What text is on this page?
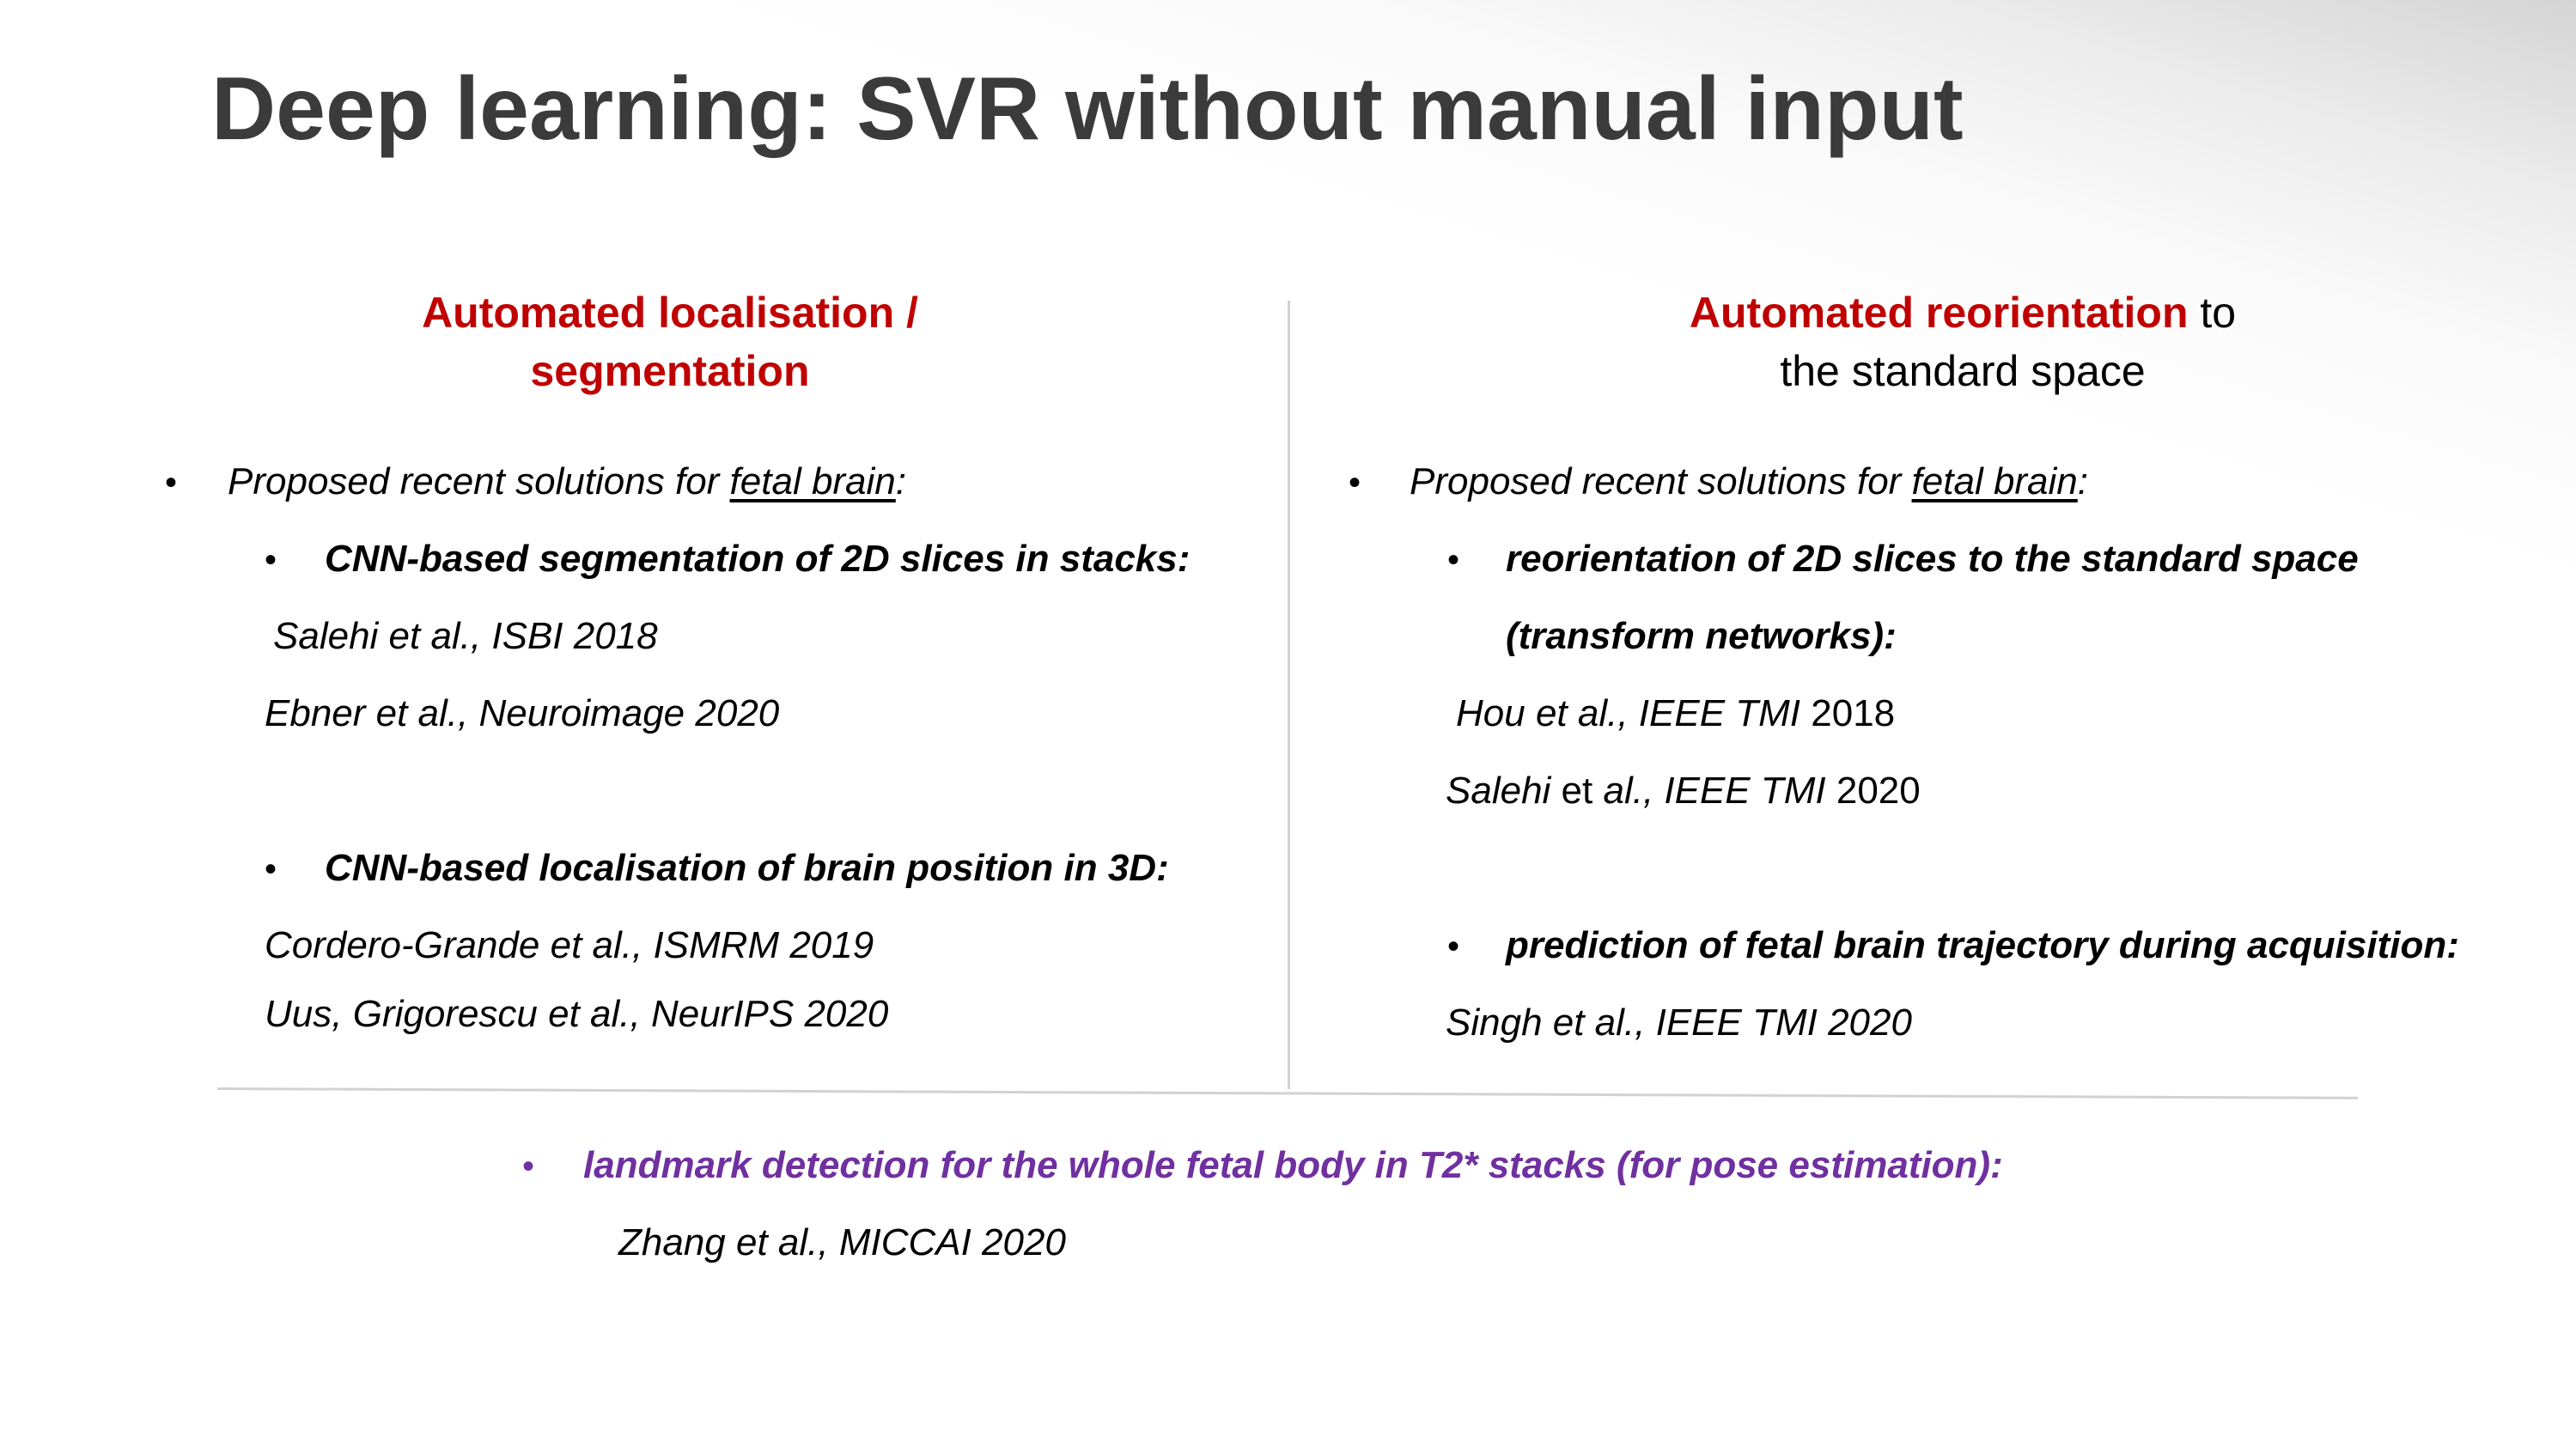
Deep learning: SVR without manual input
Automated localisation /
segmentation
Automated reorientation to
the standard space
• Proposed recent solutions for fetal brain:
• CNN-based segmentation of 2D slices in stacks:
Salehi et al., ISBI 2018
Ebner et al., Neuroimage 2020
• CNN-based localisation of brain position in 3D:
Cordero-Grande et al., ISMRM 2019
Uus, Grigorescu et al., NeurIPS 2020
• Proposed recent solutions for fetal brain:
• reorientation of 2D slices to the standard space
(transform networks):
Hou et al., IEEE TMI 2018
Salehi et al., IEEE TMI 2020
• prediction of fetal brain trajectory during acquisition:
Singh et al., IEEE TMI 2020
• landmark detection for the whole fetal body in T2* stacks (for pose estimation):
Zhang et al., MICCAI 2020
